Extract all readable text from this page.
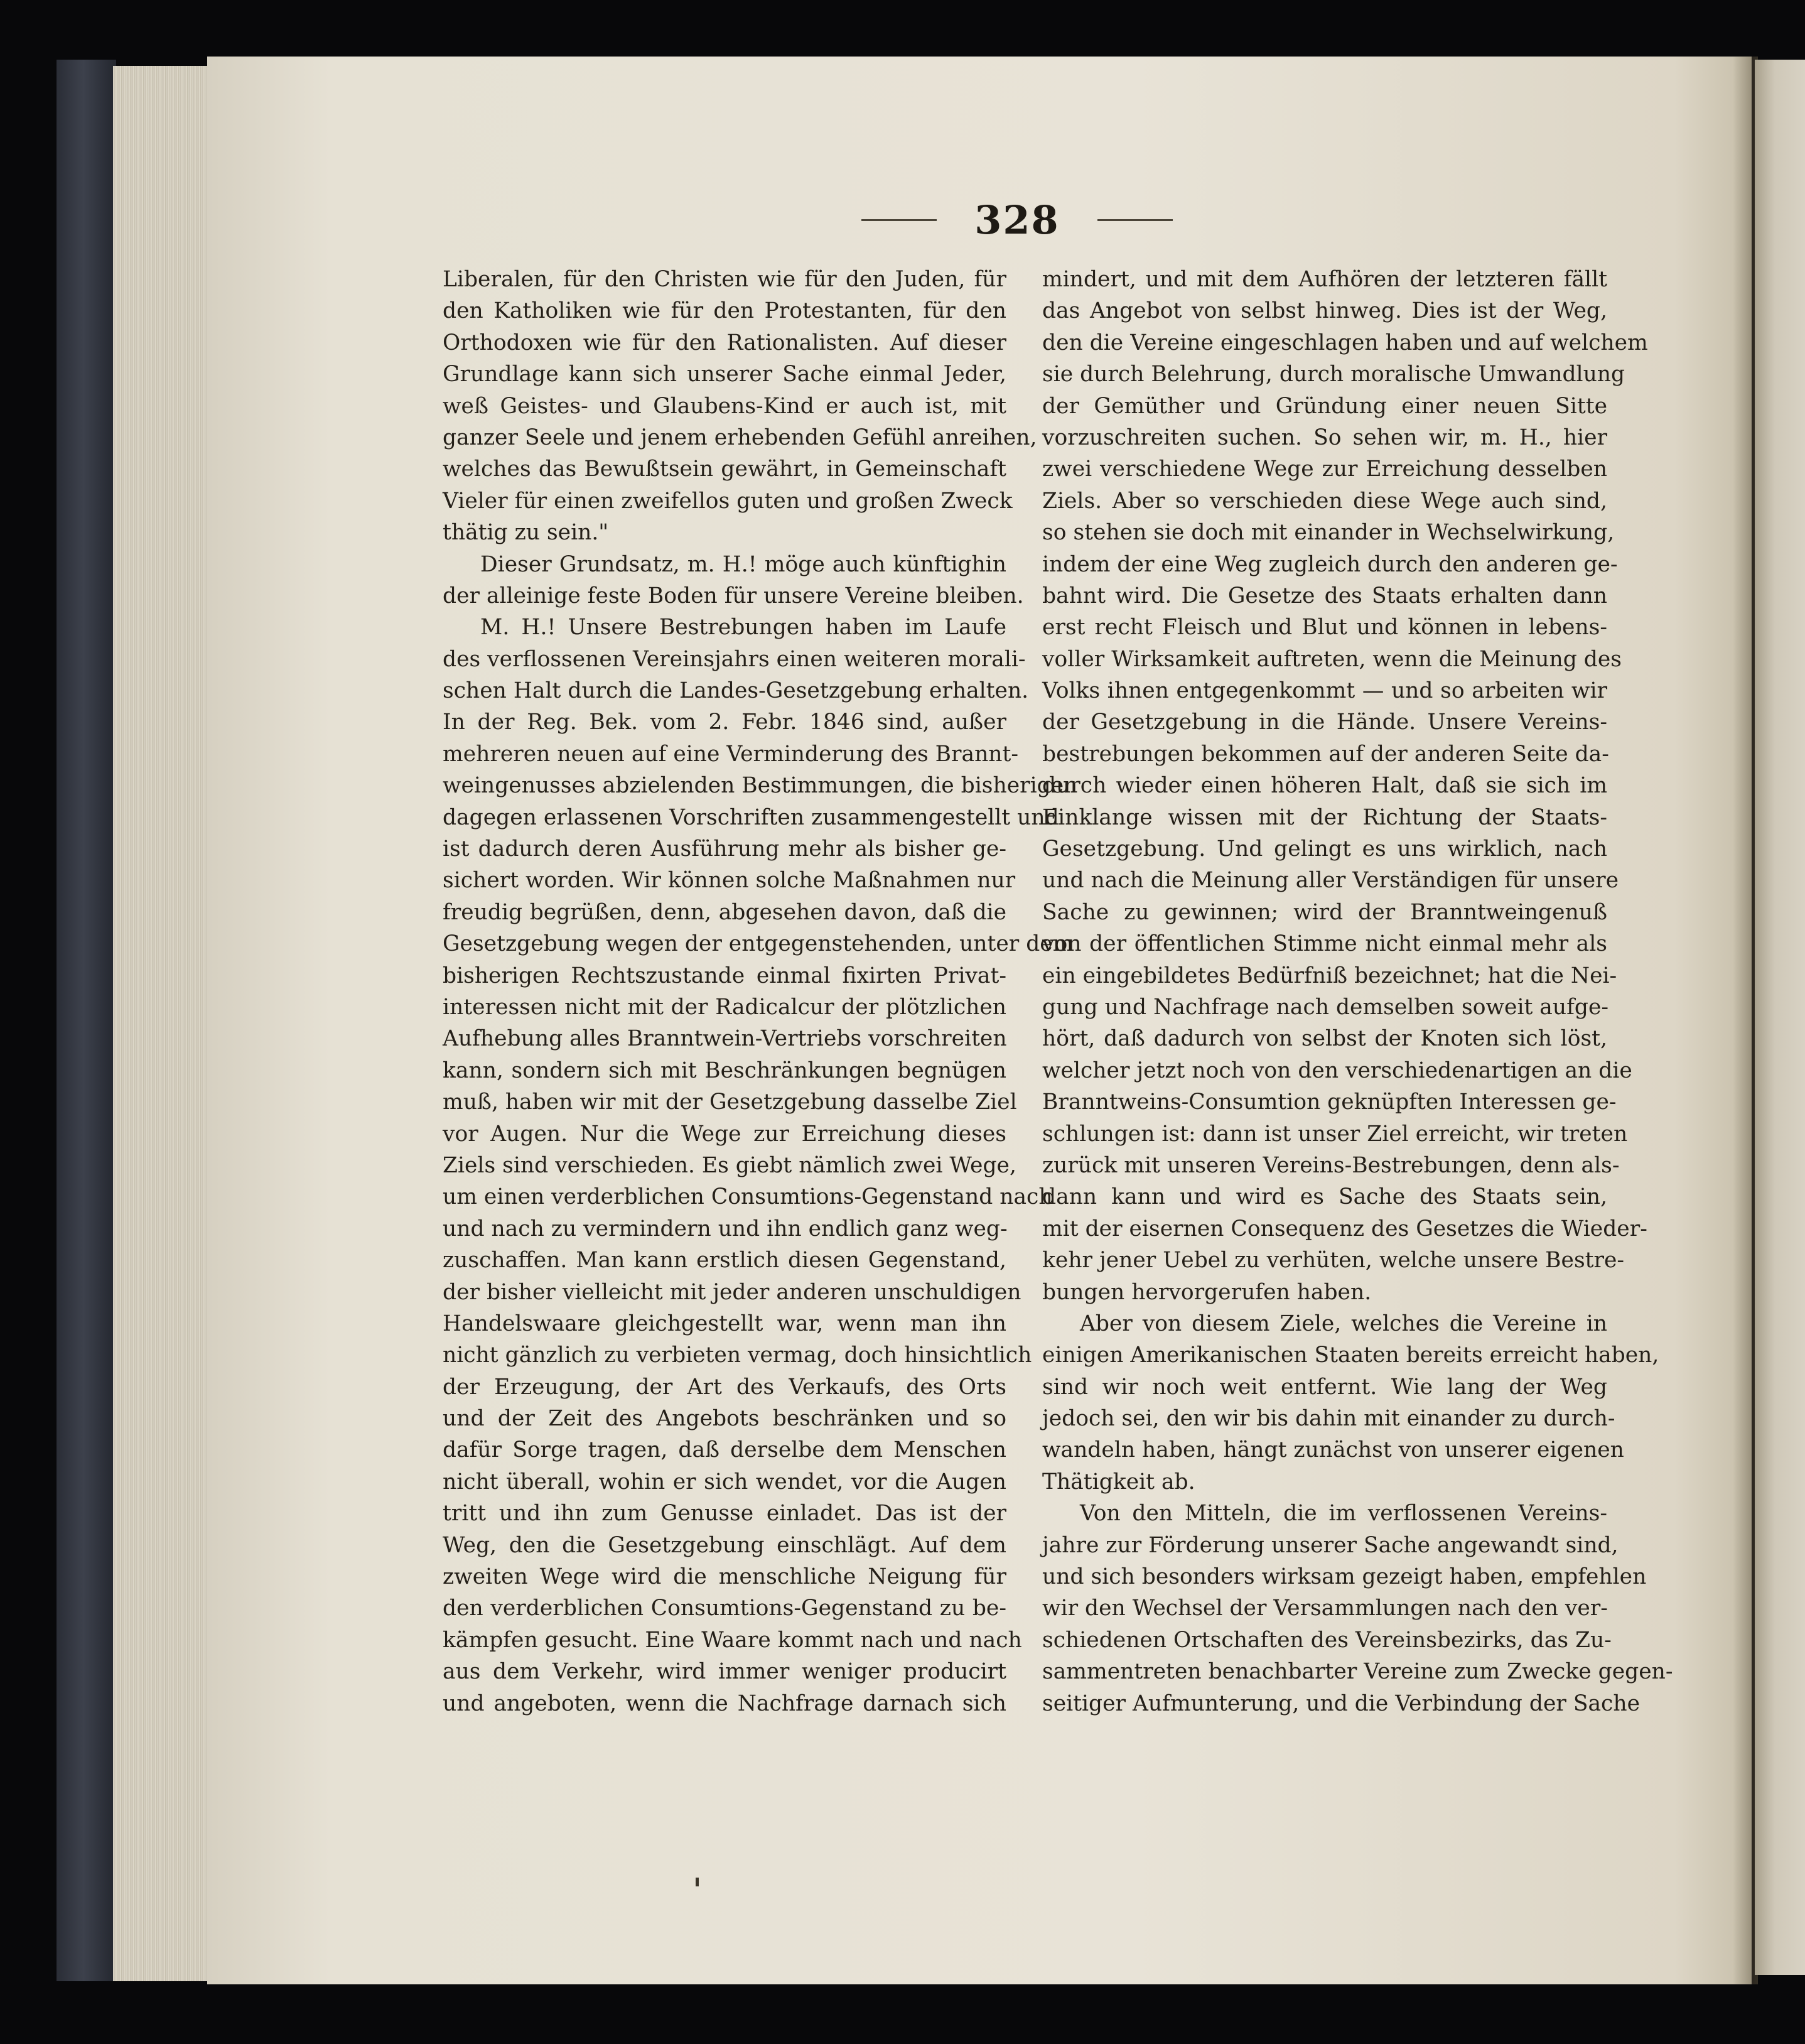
328
Liberalen, für den Christen wie für den Juden, für
den Katholiken wie für den Protestanten, für den
Orthodoxen wie für den Rationalisten. Auf dieser
Grundlage kann sich unserer Sache einmal Jeder,
weß Geistes- und Glaubens-Kind er auch ist, mit
ganzer Seele und jenem erhebenden Gefühl anreihen,
welches das Bewußtsein gewährt, in Gemeinschaft
Vieler für einen zweifellos guten und großen Zweck
thätig zu sein."
Dieser Grundsatz, m. H.! möge auch künftighin
der alleinige feste Boden für unsere Vereine bleiben.
M. H.! Unsere Bestrebungen haben im Laufe
des verflossenen Vereinsjahrs einen weiteren morali-
schen Halt durch die Landes-Gesetzgebung erhalten.
In der Reg. Bek. vom 2. Febr. 1846 sind, außer
mehreren neuen auf eine Verminderung des Brannt-
weingenusses abzielenden Bestimmungen, die bisherigen
dagegen erlassenen Vorschriften zusammengestellt und
ist dadurch deren Ausführung mehr als bisher ge-
sichert worden. Wir können solche Maßnahmen nur
freudig begrüßen, denn, abgesehen davon, daß die
Gesetzgebung wegen der entgegenstehenden, unter dem
bisherigen Rechtszustande einmal fixirten Privat-
interessen nicht mit der Radicalcur der plötzlichen
Aufhebung alles Branntwein-Vertriebs vorschreiten
kann, sondern sich mit Beschränkungen begnügen
muß, haben wir mit der Gesetzgebung dasselbe Ziel
vor Augen. Nur die Wege zur Erreichung dieses
Ziels sind verschieden. Es giebt nämlich zwei Wege,
um einen verderblichen Consumtions-Gegenstand nach
und nach zu vermindern und ihn endlich ganz weg-
zuschaffen. Man kann erstlich diesen Gegenstand,
der bisher vielleicht mit jeder anderen unschuldigen
Handelswaare gleichgestellt war, wenn man ihn
nicht gänzlich zu verbieten vermag, doch hinsichtlich
der Erzeugung, der Art des Verkaufs, des Orts
und der Zeit des Angebots beschränken und so
dafür Sorge tragen, daß derselbe dem Menschen
nicht überall, wohin er sich wendet, vor die Augen
tritt und ihn zum Genusse einladet. Das ist der
Weg, den die Gesetzgebung einschlägt. Auf dem
zweiten Wege wird die menschliche Neigung für
den verderblichen Consumtions-Gegenstand zu be-
kämpfen gesucht. Eine Waare kommt nach und nach
aus dem Verkehr, wird immer weniger producirt
und angeboten, wenn die Nachfrage darnach sich
mindert, und mit dem Aufhören der letzteren fällt
das Angebot von selbst hinweg. Dies ist der Weg,
den die Vereine eingeschlagen haben und auf welchem
sie durch Belehrung, durch moralische Umwandlung
der Gemüther und Gründung einer neuen Sitte
vorzuschreiten suchen. So sehen wir, m. H., hier
zwei verschiedene Wege zur Erreichung desselben
Ziels. Aber so verschieden diese Wege auch sind,
so stehen sie doch mit einander in Wechselwirkung,
indem der eine Weg zugleich durch den anderen ge-
bahnt wird. Die Gesetze des Staats erhalten dann
erst recht Fleisch und Blut und können in lebens-
voller Wirksamkeit auftreten, wenn die Meinung des
Volks ihnen entgegenkommt — und so arbeiten wir
der Gesetzgebung in die Hände. Unsere Vereins-
bestrebungen bekommen auf der anderen Seite da-
durch wieder einen höheren Halt, daß sie sich im
Einklange wissen mit der Richtung der Staats-
Gesetzgebung. Und gelingt es uns wirklich, nach
und nach die Meinung aller Verständigen für unsere
Sache zu gewinnen; wird der Branntweingenuß
von der öffentlichen Stimme nicht einmal mehr als
ein eingebildetes Bedürfniß bezeichnet; hat die Nei-
gung und Nachfrage nach demselben soweit aufge-
hört, daß dadurch von selbst der Knoten sich löst,
welcher jetzt noch von den verschiedenartigen an die
Branntweins-Consumtion geknüpften Interessen ge-
schlungen ist: dann ist unser Ziel erreicht, wir treten
zurück mit unseren Vereins-Bestrebungen, denn als-
dann kann und wird es Sache des Staats sein,
mit der eisernen Consequenz des Gesetzes die Wieder-
kehr jener Uebel zu verhüten, welche unsere Bestre-
bungen hervorgerufen haben.
Aber von diesem Ziele, welches die Vereine in
einigen Amerikanischen Staaten bereits erreicht haben,
sind wir noch weit entfernt. Wie lang der Weg
jedoch sei, den wir bis dahin mit einander zu durch-
wandeln haben, hängt zunächst von unserer eigenen
Thätigkeit ab.
Von den Mitteln, die im verflossenen Vereins-
jahre zur Förderung unserer Sache angewandt sind,
und sich besonders wirksam gezeigt haben, empfehlen
wir den Wechsel der Versammlungen nach den ver-
schiedenen Ortschaften des Vereinsbezirks, das Zu-
sammentreten benachbarter Vereine zum Zwecke gegen-
seitiger Aufmunterung, und die Verbindung der Sache
